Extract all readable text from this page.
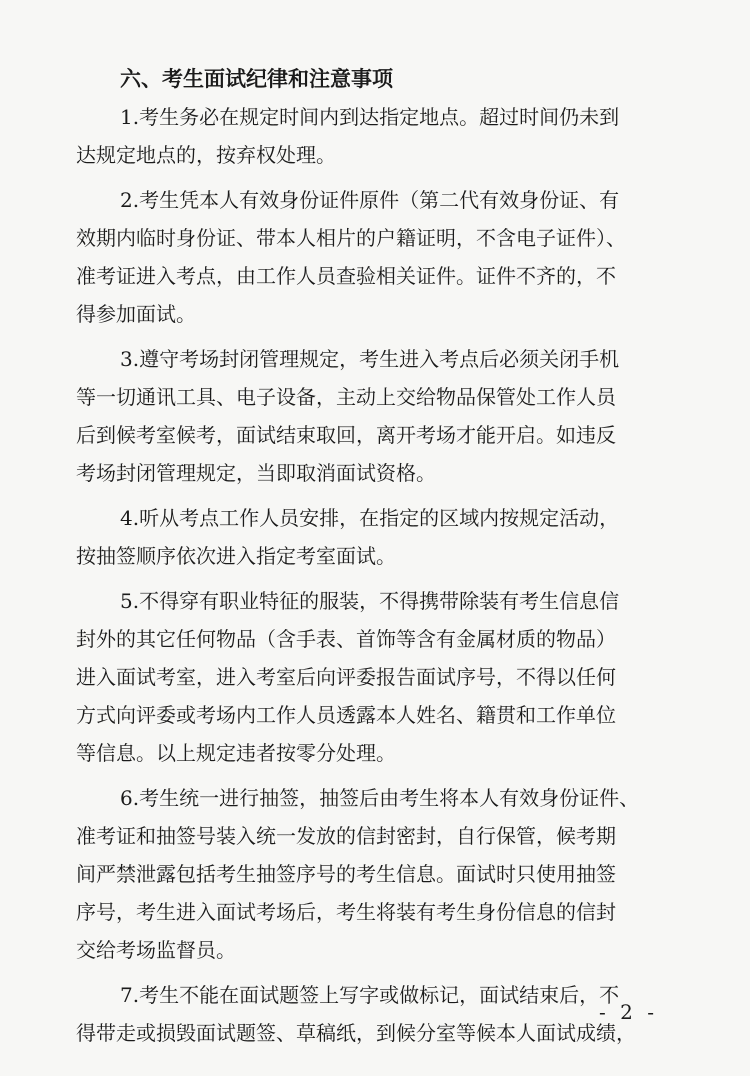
六、考生面试纪律和注意事项

1.考生务必在规定时间内到达指定地点。超过时间仍未到
达规定地点的，按弃权处理。

2.考生凭本人有效身份证件原件（第二代有效身份证、有
效期内临时身份证、带本人相片的户籍证明，不含电子证件）、
准考证进入考点，由工作人员查验相关证件。证件不齐的，不
得参加面试。

3.遵守考场封闭管理规定，考生进入考点后必须关闭手机
等一切通讯工具、电子设备，主动上交给物品保管处工作人员
后到候考室候考，面试结束取回，离开考场才能开启。如违反
考场封闭管理规定，当即取消面试资格。

4.听从考点工作人员安排，在指定的区域内按规定活动，
按抽签顺序依次进入指定考室面试。

5.不得穿有职业特征的服装，不得携带除装有考生信息信
封外的其它任何物品（含手表、首饰等含有金属材质的物品）
进入面试考室，进入考室后向评委报告面试序号，不得以任何
方式向评委或考场内工作人员透露本人姓名、籍贯和工作单位
等信息。以上规定违者按零分处理。

6.考生统一进行抽签，抽签后由考生将本人有效身份证件、
准考证和抽签号装入统一发放的信封密封，自行保管，候考期
间严禁泄露包括考生抽签序号的考生信息。面试时只使用抽签
序号，考生进入面试考场后，考生将装有考生身份信息的信封
交给考场监督员。

7.考生不能在面试题签上写字或做标记，面试结束后，不
得带走或损毁面试题签、草稿纸，到候分室等候本人面试成绩，

- 2 -
